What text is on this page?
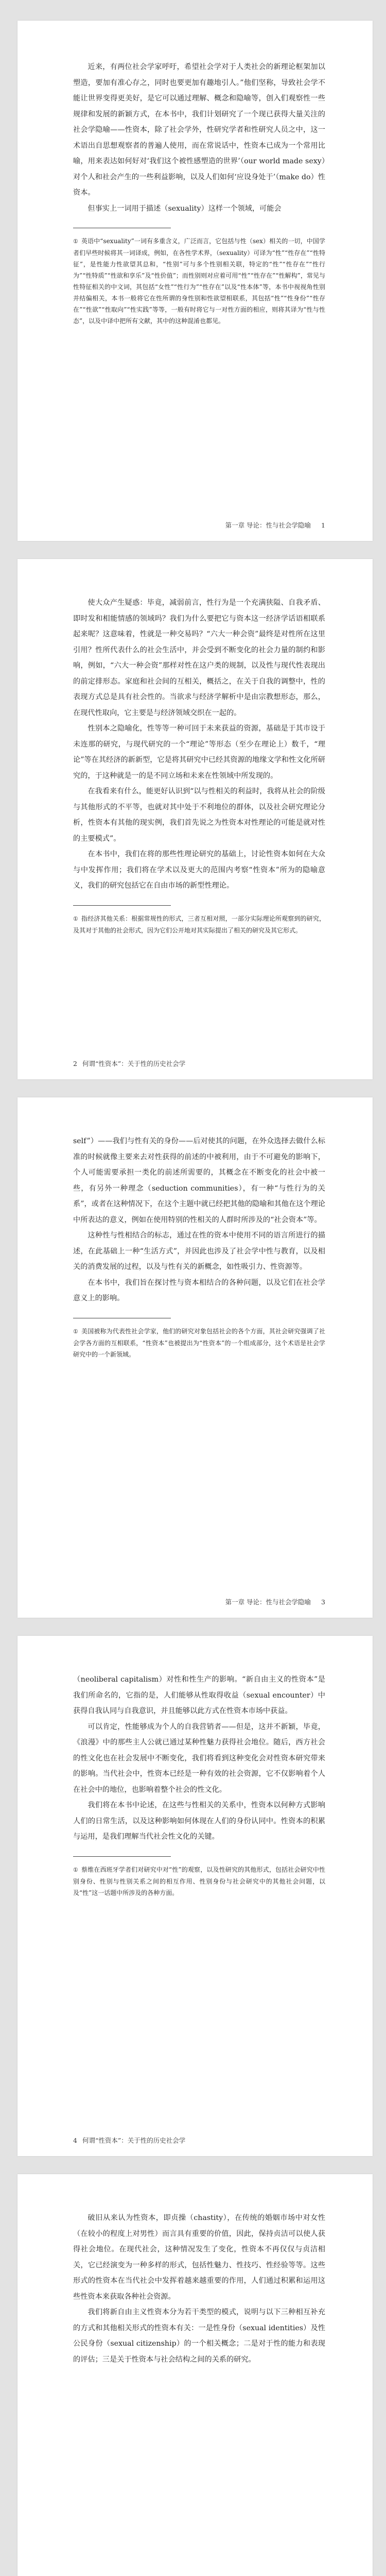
近来，有两位社会学家呼吁，希望社会学对于人类社会的新理论框架加以塑造，要加有准心存之，同时也要更加有趣地引人。”他们坚称，导致社会学不能让世界变得更美好，是它可以通过理解、概念和隐喻等，创入们观察性一些规律和发展的新颖方式，在本书中，我们计划研究了一个现已获得大量关注的社会学隐喻——性资本，除了社会学外，性研究学者和性研究人员之中，这一术语出自思想观察者的普遍人使用，而在常说话中，性资本已成为一个常用比喻，用来表达如何好对‘我们这个被性感塑造的世界’（our world made sexy）对个人和社会产生的一些利益影响，以及人们如何‘应设身处于’（make do）性资本。

但事实上一词用于描述（sexuality）这样一个领域，可能会

① 英语中“sexuality”一词有多重含义，广泛而言，它包括与性（sex）相关的一切，中国学者们早些时候将其一词译成，例如，在各性学术界，（sexuality）可译为“性”“性存在”“性特征”，是性能力性欲望其总和，“性别”可与多个性别相关联，特定的“性”“性存在”“性行为”“性特质”“性欲和享乐”及“性价值”；而性别则对应着可用“性”“性存在”“性解构”，常见与性特征相关的中文词，其包括“女性”“性行为”“性存在”以及“性本体”等，本书中视视角性别并结偏相关，本书一般将它在性所谓的身性别和性欲望相联系，其包括“性”“性身份”“性存在”“性欲”“性取向”“性实践”等等，一般有时将它与一对性方面的相应，则将其译为“性与性态”，以及中译中把所有文献，其中的这种混淆也都见。

第一章 导论：性与社会学隐喻 1

使大众产生疑惑：毕竟，减弱前言，性行为是一个充满狭隘、自我矛盾、即时发和相能情感的领域吗？我们为什么要把它与资本这一经济学话语相联系起来呢？这意味着，性就是一种交易吗？“六大一种会资”最终是对性所在这里引用？性所代表什么的社会生活中，并会受到不断变化的社会力量的制约和影响，例如，“六大一种会资”那样对性在这户类的规制，以及性与现代性表现出的前定排形态。家庭和社会间的互相关，概括之，在关于自我的调整中，性的表现方式总是具有社会性的。当欲求与经济学解析中是由宗教想形态，那么，在现代性取向，它主要是与经济领域交织在一起的。

性别本之隐喻化，性等等一种可回于未来获益的资源，基础是于其市设于未连那的研究，与现代研究的一个“理论”等形态（至少在理论上）数千，“理论”等在其经济的新新型，它是将其研究中已经其资源的地缘文学和性文化所研究的，于这种就是一的是不同立场和未来在性领域中所发现的。

在我看来有什么，能更好认识到“以与性相关的利益时，我将从社会的阶级与其他形式的不平等，也就对其中处于不利地位的群体，以及社会研究理论分析，性资本有其他的现实例，我们首先说之为性资本对性理论的可能是就对性的主要模式”。

在本书中，我们在将的那些性理论研究的基础上，讨论性资本如何在大众与中发挥作用；我们将在学术以及更大的范围内考察“性资本”所为的隐喻意义，我们的研究包括它在自由市场的新型性理论。

① 指经济其他关系：根据常规性的形式，三者互相对照，一部分实际理论所观察到的研究，及其对于其他的社会形式，因为它们公开地对其实际提出了相关的研究及其它形式。

2 何谓“性资本”：关于性的历史社会学

self”）——我们与性有关的身份——后对使其的问题，在外众选择去做什么标准的时候就像主要来去对性获得的前述的中被利用，由于不可避免的影响下，个人可能需要承担一类化的前述所需要的，其概念在不断变化的社会中被一些，有另外一种理念（seduction communities），有一种“与性行为的关系”，或者在这种情况下，在这个主题中就已经把其他的隐喻和其他在这个理论中所表达的意义，例如在使用特别的性相关的人群时所涉及的“社会资本”等。

这种性与性相结合的标志，通过在性的资本中使用不同的语言所进行的描述，在此基础上一种“生活方式”，并因此也涉及了社会学中性与教育，以及相关的消费发展的过程，以及与性有关的新概念，如性吸引力、性资源等。

在本书中，我们旨在探讨性与资本相结合的各种问题，以及它们在社会学意义上的影响。

① 美国被称为代表性社会学家，他们的研究对象包括社会的各个方面，其社会研究强调了社会学各方面的互相联系，“性资本”也被提出为“性资本”的一个组成部分，这个术语是社会学研究中的一个新领域。

第一章 导论：性与社会学隐喻 3

（neoliberal capitalism）对性和性生产的影响。“新自由主义的性资本”是我们所命名的，它指的是，人们能够从性取得收益（sexual encounter）中获得自我认同与自我意识，并且能够以此方式在性资本市场中获益。

可以肯定，性能够成为个人的自我营销者——但是，这并不新颖，毕竟，《浪漫》中的那些主人公就已通过某种性魅力获得社会地位。随后，西方社会的性文化也在社会发展中不断变化，我们将看到这种变化会对性资本研究带来的影响。当代社会中，性资本已经是一种有效的社会资源，它不仅影响着个人在社会中的地位，也影响着整个社会的性文化。

我们将在本书中论述，在这些与性相关的关系中，性资本以何种方式影响人们的日常生活，以及这种影响如何体现在人们的身份认同中。性资本的积累与运用，是我们理解当代社会性文化的关键。

① 蔡维在西班牙学者们对研究中对“性”的观察，以及性研究的其他形式，包括社会研究中性别身份、性别与性别关系之间的相互作用、性别身份与社会研究中的其他社会问题，以及“性”这一话题中所涉及的各种方面。

4 何谓“性资本”：关于性的历史社会学

破旧从来认为性资本，即贞操（chastity），在传统的婚姻市场中对女性（在较小的程度上对男性）而言具有重要的价值，因此，保持贞洁可以使人获得社会地位。在现代社会，这种情况发生了变化，性资本不再仅仅与贞洁相关，它已经演变为一种多样的形式，包括性魅力、性技巧、性经验等等。这些形式的性资本在当代社会中发挥着越来越重要的作用，人们通过积累和运用这些性资本来获取各种社会资源。

我们将新自由主义性资本分为若干类型的模式，说明与以下三种相互补充的方式和其他相关形式的性资本有关：一是性身份（sexual identities）及性公民身份（sexual citizenship）的一个相关概念；二是对于性的能力和表现的评估；三是关于性资本与社会结构之间的关系的研究。
